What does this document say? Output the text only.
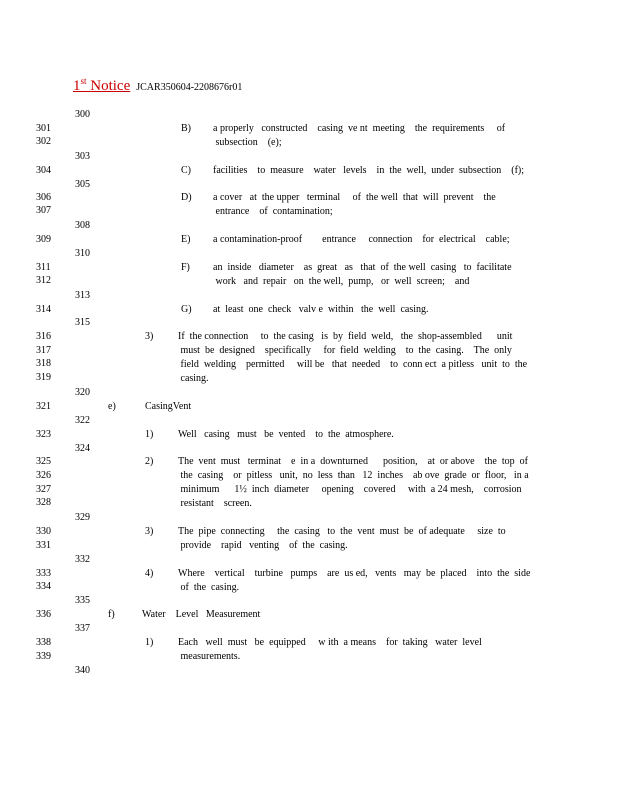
1st Notice JCAR350604-2208676r01
301
302
304
306
307
309
311
312
314
316
317
318
319
321
323
325
326
327
328
330
331
333
334
336
338
339
300
303
305
308
310
313
315
320
322
324
329
332
335
337
340
B) a properly   constructed    casing  ve nt  meeting    the  requirements     of
subsection    (e);
C) facilities    to  measure    water   levels    in  the  well,  under  subsection    (f);
D) a cover   at  the upper   terminal     of  the well  that  will  prevent    the
entrance    of  contamination;
E) a contamination-proof        entrance     connection    for  electrical    cable;
F) an  inside   diameter    as  great   as   that  of  the well  casing   to  facilitate
work   and  repair   on  the well,  pump,   or  well  screen;    and
G) at  least  one  check   valv e  within   the  well  casing.
3) If  the connection     to  the casing   is  by  field  weld,   the  shop-assembled      unit
must  be  designed    specifically     for  field  welding    to  the  casing.    The  only
field  welding    permitted     will be   that  needed    to  conn ect  a pitless   unit  to  the
casing.
e)	CasingVent
1) Well   casing   must   be  vented    to  the  atmosphere.
2) The  vent  must   terminat    e  in a  downturned      position,    at  or above    the  top  of
the  casing    or  pitless   unit,  no  less  than   12  inches    ab ove  grade  or  floor,   in a
minimum      1½  inch  diameter     opening    covered     with  a 24 mesh,    corrosion
resistant    screen.
3) The  pipe  connecting     the  casing   to  the  vent  must  be  of adequate     size  to
provide    rapid   venting    of  the  casing.
4) Where    vertical    turbine   pumps    are  us ed,   vents   may  be  placed    into  the  side
of  the  casing.
f)	Water    Level   Measurement
1) Each   well  must   be  equipped     w ith  a means    for  taking   water  level
measurements.
